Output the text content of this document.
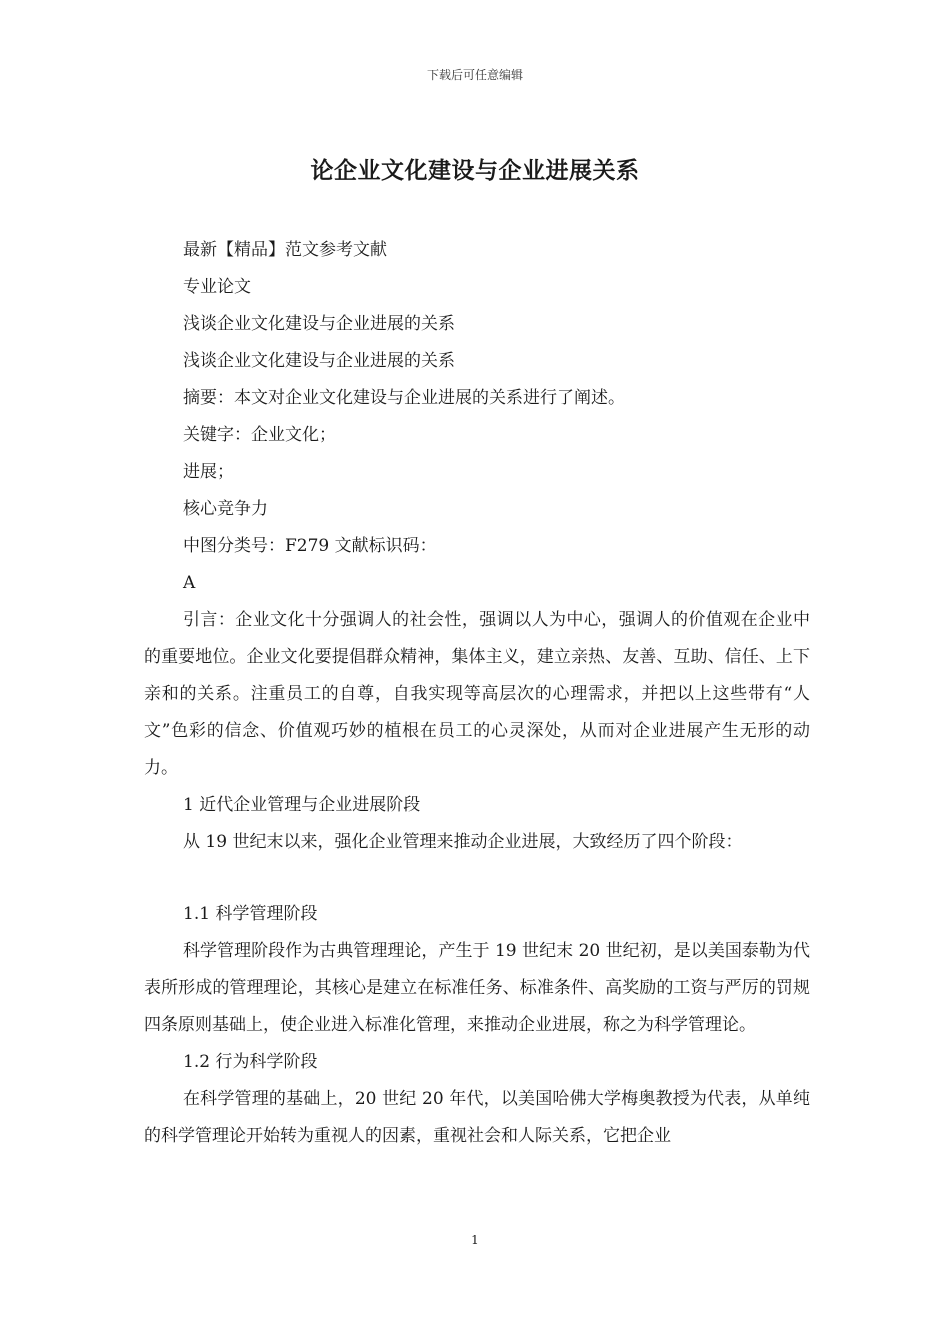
下载后可任意编辑
论企业文化建设与企业进展关系
最新【精品】范文参考文献
专业论文
浅谈企业文化建设与企业进展的关系
浅谈企业文化建设与企业进展的关系
摘要：本文对企业文化建设与企业进展的关系进行了阐述。
关键字：企业文化；
进展；
核心竞争力
中图分类号：F279 文献标识码：
A
引言：企业文化十分强调人的社会性，强调以人为中心，强调人的价值观在企业中的重要地位。企业文化要提倡群众精神，集体主义，建立亲热、友善、互助、信任、上下亲和的关系。注重员工的自尊，自我实现等高层次的心理需求，并把以上这些带有“人文”色彩的信念、价值观巧妙的植根在员工的心灵深处，从而对企业进展产生无形的动力。
1 近代企业管理与企业进展阶段
从 19 世纪末以来，强化企业管理来推动企业进展，大致经历了四个阶段：
1.1 科学管理阶段
科学管理阶段作为古典管理理论，产生于 19 世纪末 20 世纪初，是以美国泰勒为代表所形成的管理理论，其核心是建立在标准任务、标准条件、高奖励的工资与严厉的罚规四条原则基础上，使企业进入标准化管理，来推动企业进展，称之为科学管理论。
1.2 行为科学阶段
在科学管理的基础上，20 世纪 20 年代，以美国哈佛大学梅奥教授为代表，从单纯的科学管理论开始转为重视人的因素，重视社会和人际关系，它把企业
1
